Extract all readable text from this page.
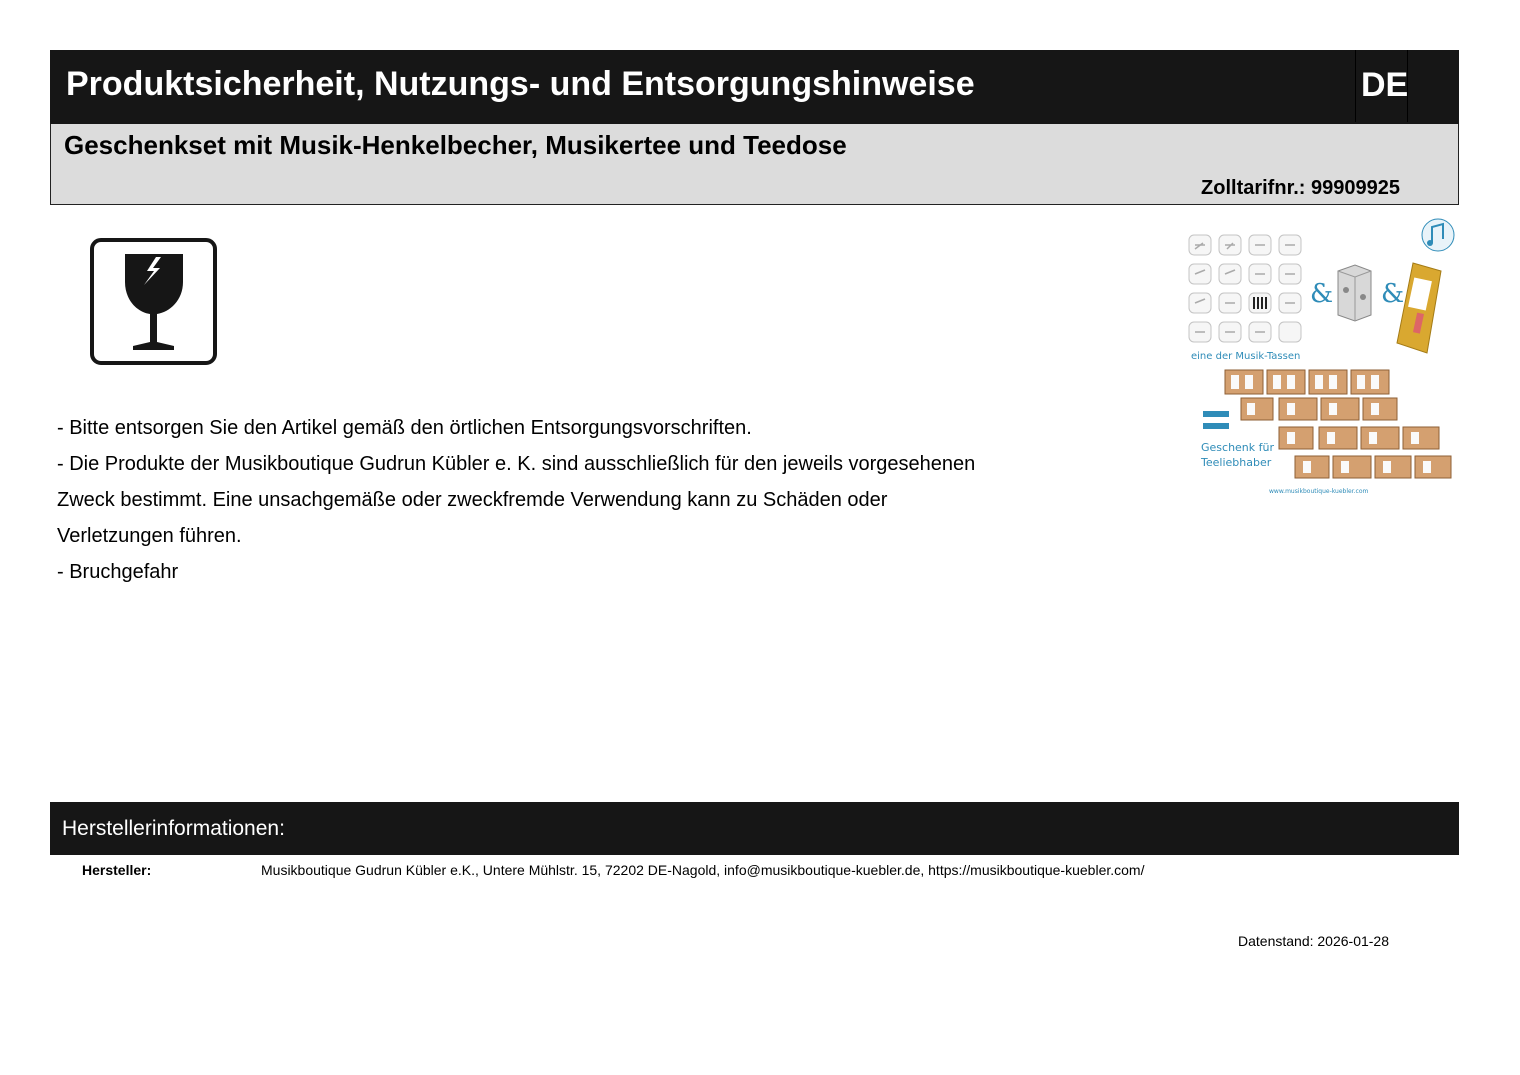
Produktsicherheit, Nutzungs- und Entsorgungshinweise	DE
Geschenkset mit Musik-Henkelbecher, Musikertee und Teedose
Zolltarifnr.: 99909925
eine der Musik-Tassen
& &
Geschenk für
Teeliebhaber
www.musikboutique-kuebler.com

- Bitte entsorgen Sie den Artikel gemäß den örtlichen Entsorgungsvorschriften.

- Die Produkte der Musikboutique Gudrun Kübler e. K. sind ausschließlich für den jeweils vorgesehenen

Zweck bestimmt. Eine unsachgemäße oder zweckfremde Verwendung kann zu Schäden oder

Verletzungen führen.

- Bruchgefahr

Herstellerinformationen:
Hersteller:	Musikboutique Gudrun Kübler e.K., Untere Mühlstr. 15, 72202 DE-Nagold, info@musikboutique-kuebler.de, https://musikboutique-kuebler.com/
Datenstand: 2026-01-28
